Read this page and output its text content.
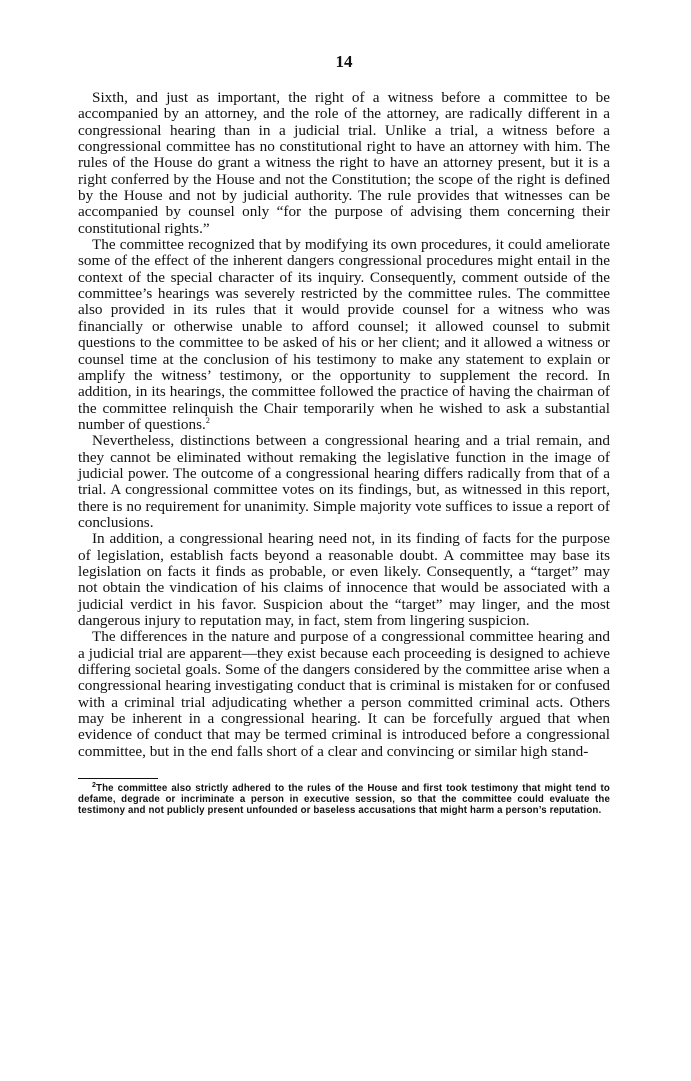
14

Sixth, and just as important, the right of a witness before a committee to be accompanied by an attorney, and the role of the attorney, are radically different in a congressional hearing than in a judicial trial. Unlike a trial, a witness before a congressional committee has no constitutional right to have an attorney with him. The rules of the House do grant a witness the right to have an attorney present, but it is a right conferred by the House and not the Constitution; the scope of the right is defined by the House and not by judicial authority. The rule provides that witnesses can be accompanied by counsel only “for the purpose of advising them concerning their constitutional rights.”

The committee recognized that by modifying its own procedures, it could ameliorate some of the effect of the inherent dangers congressional procedures might entail in the context of the special character of its inquiry. Consequently, comment outside of the committee’s hearings was severely restricted by the committee rules. The committee also provided in its rules that it would provide counsel for a witness who was financially or otherwise unable to afford counsel; it allowed counsel to submit questions to the committee to be asked of his or her client; and it allowed a witness or counsel time at the conclusion of his testimony to make any statement to explain or amplify the witness’ testimony, or the opportunity to supplement the record. In addition, in its hearings, the committee followed the practice of having the chairman of the committee relinquish the Chair temporarily when he wished to ask a substantial number of questions.$^2$

Nevertheless, distinctions between a congressional hearing and a trial remain, and they cannot be eliminated without remaking the legislative function in the image of judicial power. The outcome of a congressional hearing differs radically from that of a trial. A congressional committee votes on its findings, but, as witnessed in this report, there is no requirement for unanimity. Simple majority vote suffices to issue a report of conclusions.

In addition, a congressional hearing need not, in its finding of facts for the purpose of legislation, establish facts beyond a reasonable doubt. A committee may base its legislation on facts it finds as probable, or even likely. Consequently, a “target” may not obtain the vindication of his claims of innocence that would be associated with a judicial verdict in his favor. Suspicion about the “target” may linger, and the most dangerous injury to reputation may, in fact, stem from lingering suspicion.

The differences in the nature and purpose of a congressional committee hearing and a judicial trial are apparent—they exist because each proceeding is designed to achieve differing societal goals. Some of the dangers considered by the committee arise when a congressional hearing investigating conduct that is criminal is mistaken for or confused with a criminal trial adjudicating whether a person committed criminal acts. Others may be inherent in a congressional hearing. It can be forcefully argued that when evidence of conduct that may be termed criminal is introduced before a congressional committee, but in the end falls short of a clear and convincing or similar high stand-

$^2$The committee also strictly adhered to the rules of the House and first took testimony that might tend to defame, degrade or incriminate a person in executive session, so that the committee could evaluate the testimony and not publicly present unfounded or baseless accusations that might harm a person’s reputation.
